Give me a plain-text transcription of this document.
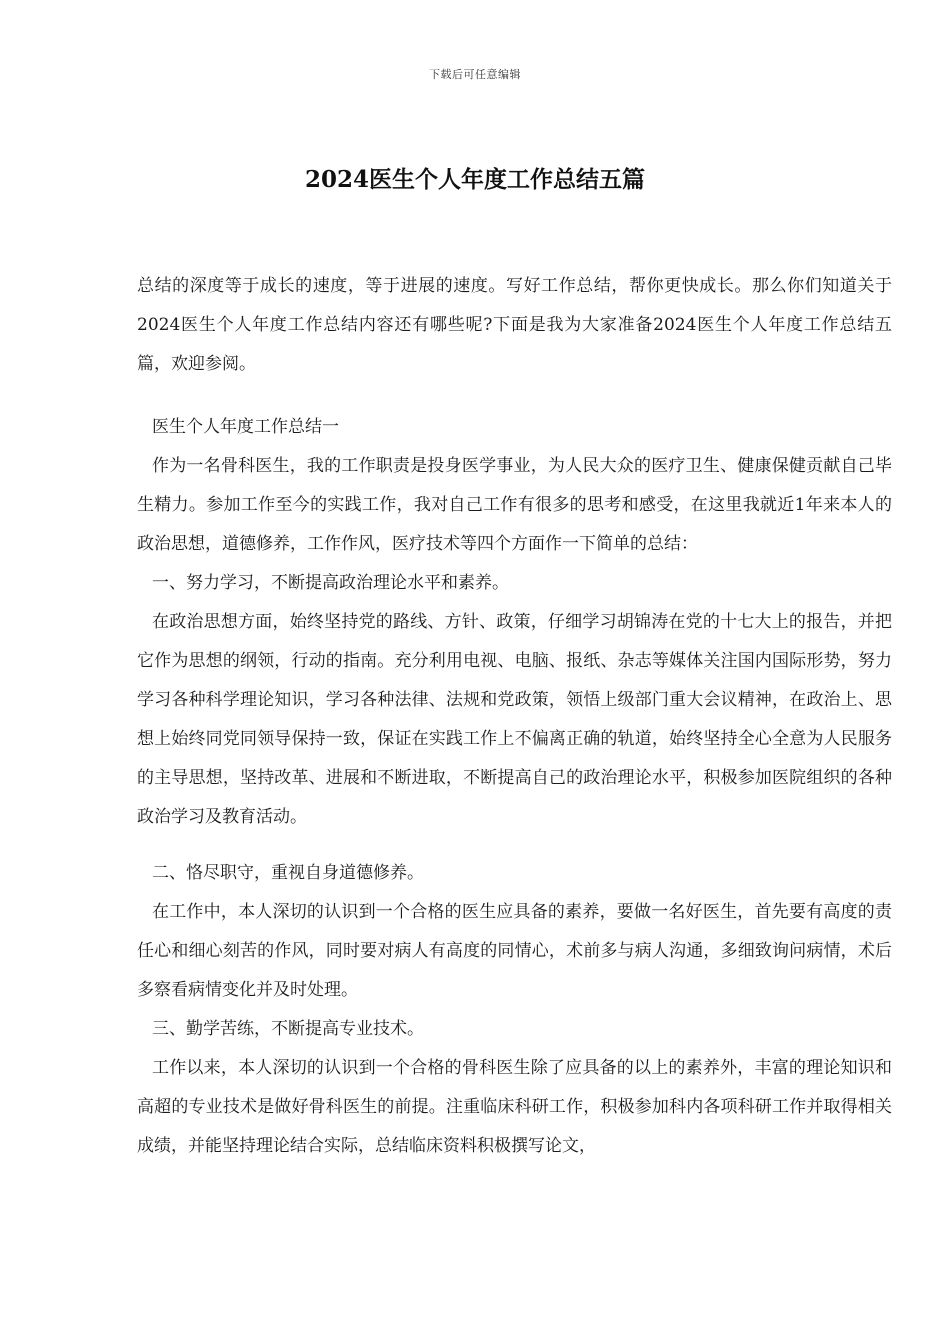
下载后可任意编辑
2024医生个人年度工作总结五篇

总结的深度等于成长的速度，等于进展的速度。写好工作总结，帮你更快成长。那么你们知道关于2024医生个人年度工作总结内容还有哪些呢?下面是我为大家准备2024医生个人年度工作总结五篇，欢迎参阅。

医生个人年度工作总结一

作为一名骨科医生，我的工作职责是投身医学事业，为人民大众的医疗卫生、健康保健贡献自己毕生精力。参加工作至今的实践工作，我对自己工作有很多的思考和感受，在这里我就近1年来本人的政治思想，道德修养，工作作风，医疗技术等四个方面作一下简单的总结：

一、努力学习，不断提高政治理论水平和素养。

在政治思想方面，始终坚持党的路线、方针、政策，仔细学习胡锦涛在党的十七大上的报告，并把它作为思想的纲领，行动的指南。充分利用电视、电脑、报纸、杂志等媒体关注国内国际形势，努力学习各种科学理论知识，学习各种法律、法规和党政策，领悟上级部门重大会议精神，在政治上、思想上始终同党同领导保持一致，保证在实践工作上不偏离正确的轨道，始终坚持全心全意为人民服务的主导思想，坚持改革、进展和不断进取，不断提高自己的政治理论水平，积极参加医院组织的各种政治学习及教育活动。

二、恪尽职守，重视自身道德修养。

在工作中，本人深切的认识到一个合格的医生应具备的素养，要做一名好医生，首先要有高度的责任心和细心刻苦的作风，同时要对病人有高度的同情心，术前多与病人沟通，多细致询问病情，术后多察看病情变化并及时处理。

三、勤学苦练，不断提高专业技术。

工作以来，本人深切的认识到一个合格的骨科医生除了应具备的以上的素养外，丰富的理论知识和高超的专业技术是做好骨科医生的前提。注重临床科研工作，积极参加科内各项科研工作并取得相关成绩，并能坚持理论结合实际，总结临床资料积极撰写论文，
